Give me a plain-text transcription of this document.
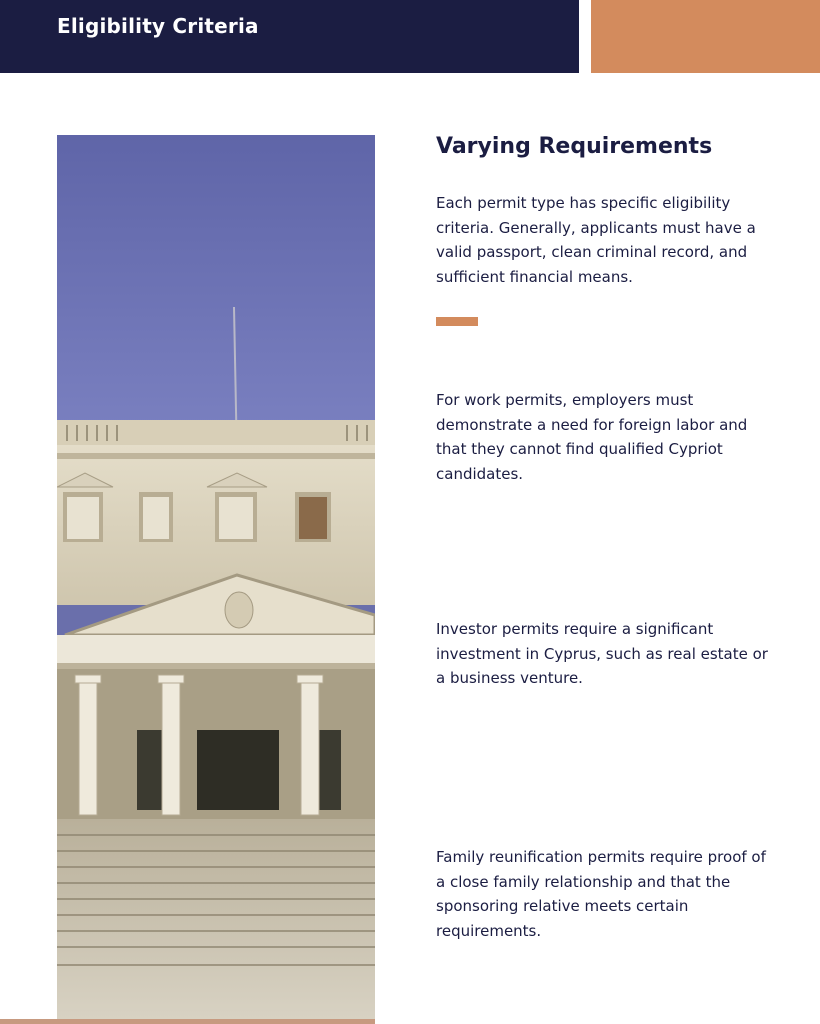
Eligibility Criteria
Varying Requirements
Each permit type has specific eligibility criteria. Generally, applicants must have a valid passport, clean criminal record, and sufficient financial means.
For work permits, employers must demonstrate a need for foreign labor and that they cannot find qualified Cypriot candidates.
Investor permits require a significant investment in Cyprus, such as real estate or a business venture.
Family reunification permits require proof of a close family relationship and that the sponsoring relative meets certain requirements.
